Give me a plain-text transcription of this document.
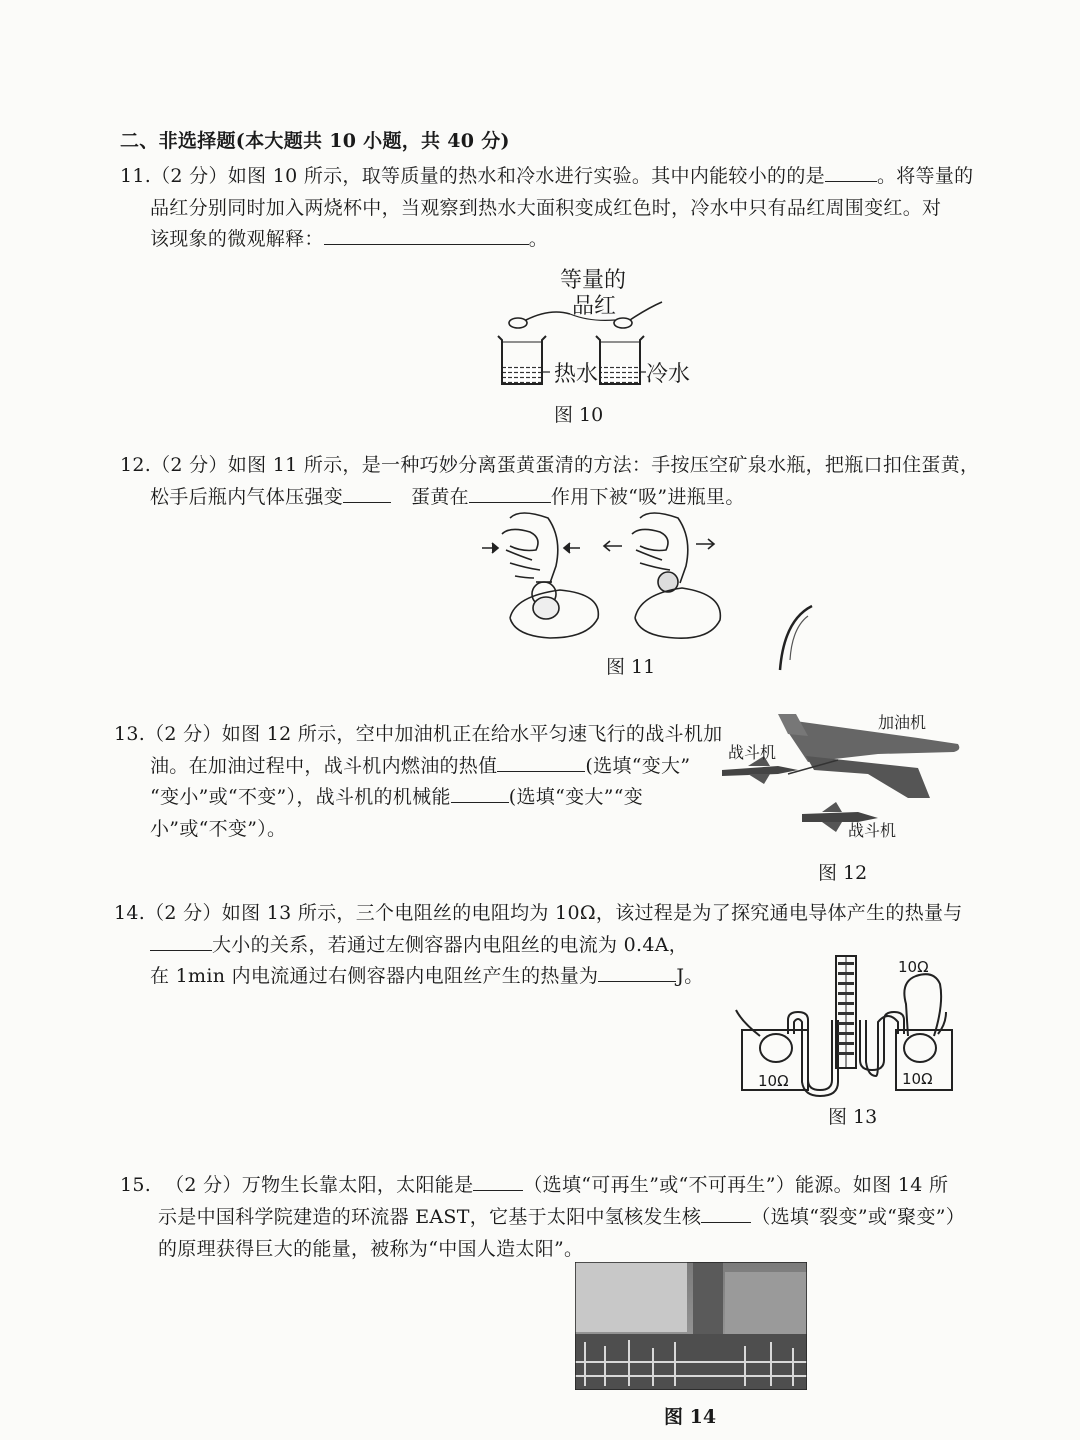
二、非选择题(本大题共 10 小题，共 40 分)
11.（2 分）如图 10 所示，取等质量的热水和冷水进行实验。其中内能较小的的是	。将等量的
品红分别同时加入两烧杯中，当观察到热水大面积变成红色时，冷水中只有品红周围变红。对
该现象的微观解释：	。
等量的
品红
热水 冷水
图 10
12.（2 分）如图 11 所示，是一种巧妙分离蛋黄蛋清的方法：手按压空矿泉水瓶，把瓶口扣住蛋黄，
松手后瓶内气体压强变	蛋黄在	作用下被“吸”进瓶里。
图 11
13.（2 分）如图 12 所示，空中加油机正在给水平匀速飞行的战斗机加
油。在加油过程中，战斗机内燃油的热值	(选填“变大”
“变小”或“不变”），战斗机的机械能	(选填“变大”“变
小”或“不变”）。
加油机
战斗机
战斗机
图 12
14.（2 分）如图 13 所示，三个电阻丝的电阻均为 10Ω，该过程是为了探究通电导体产生的热量与
大小的关系，若通过左侧容器内电阻丝的电流为 0.4A，
在 1min 内电流通过右侧容器内电阻丝产生的热量为	J。	10Ω
10Ω	10Ω
图 13
15. （2 分）万物生长靠太阳，太阳能是	（选填“可再生”或“不可再生”）能源。如图 14 所
示是中国科学院建造的环流器 EAST，它基于太阳中氢核发生核	（选填“裂变”或“聚变”）
的原理获得巨大的能量，被称为“中国人造太阳”。
图 14
